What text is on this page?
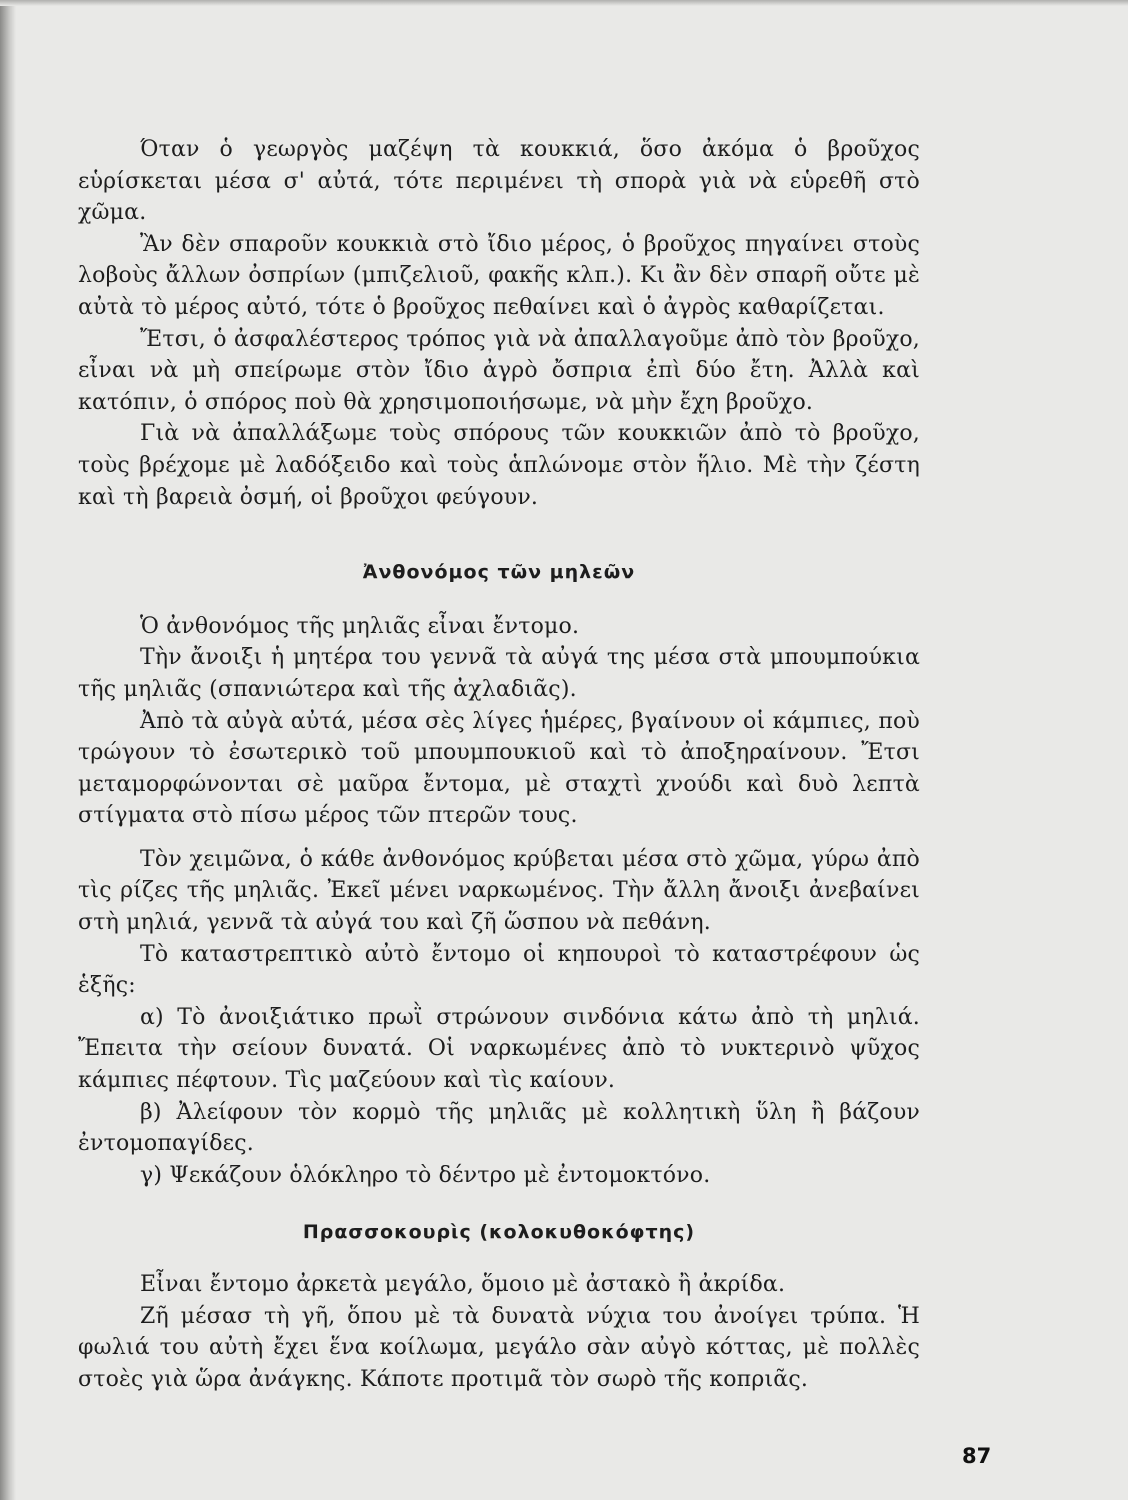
Όταν ὁ γεωργὸς μαζέψη τὰ κουκκιά, ὅσο ἀκόμα ὁ βροῦχος εὑρίσκεται μέσα σ' αὐτά, τότε περιμένει τὴ σπορὰ γιὰ νὰ εὑρεθῆ στὸ χῶμα.

Ἂν δὲν σπαροῦν κουκκιὰ στὸ ἴδιο μέρος, ὁ βροῦχος πηγαίνει στοὺς λοβοὺς ἄλλων ὀσπρίων (μπιζελιοῦ, φακῆς κλπ.). Κι ἂν δὲν σπαρῆ οὔτε μὲ αὐτὰ τὸ μέρος αὐτό, τότε ὁ βροῦχος πεθαίνει καὶ ὁ ἀγρὸς καθαρίζεται.

Ἔτσι, ὁ ἀσφαλέστερος τρόπος γιὰ νὰ ἀπαλλαγοῦμε ἀπὸ τὸν βροῦχο, εἶναι νὰ μὴ σπείρωμε στὸν ἴδιο ἀγρὸ ὄσπρια ἐπὶ δύο ἔτη. Ἀλλὰ καὶ κατόπιν, ὁ σπόρος ποὺ θὰ χρησιμοποιήσωμε, νὰ μὴν ἔχη βροῦχο.

Γιὰ νὰ ἀπαλλάξωμε τοὺς σπόρους τῶν κουκκιῶν ἀπὸ τὸ βροῦχο, τοὺς βρέχομε μὲ λαδόξειδο καὶ τοὺς ἁπλώνομε στὸν ἥλιο. Μὲ τὴν ζέστη καὶ τὴ βαρειὰ ὀσμή, οἱ βροῦχοι φεύγουν.

Ἀνθονόμος τῶν μηλεῶν

Ὁ ἀνθονόμος τῆς μηλιᾶς εἶναι ἔντομο.

Τὴν ἄνοιξι ἡ μητέρα του γεννᾶ τὰ αὐγά της μέσα στὰ μπουμπούκια τῆς μηλιᾶς (σπανιώτερα καὶ τῆς ἀχλαδιᾶς).

Ἀπὸ τὰ αὐγὰ αὐτά, μέσα σὲς λίγες ἡμέρες, βγαίνουν οἱ κάμπιες, ποὺ τρώγουν τὸ ἐσωτερικὸ τοῦ μπουμπουκιοῦ καὶ τὸ ἀποξηραίνουν. Ἔτσι μεταμορφώνονται σὲ μαῦρα ἔντομα, μὲ σταχτὶ χνούδι καὶ δυὸ λεπτὰ στίγματα στὸ πίσω μέρος τῶν πτερῶν τους.

Τὸν χειμῶνα, ὁ κάθε ἀνθονόμος κρύβεται μέσα στὸ χῶμα, γύρω ἀπὸ τὶς ρίζες τῆς μηλιᾶς. Ἐκεῖ μένει ναρκωμένος. Τὴν ἄλλη ἄνοιξι ἀνεβαίνει στὴ μηλιά, γεννᾶ τὰ αὐγά του καὶ ζῆ ὥσπου νὰ πεθάνη.

Τὸ καταστρεπτικὸ αὐτὸ ἔντομο οἱ κηπουροὶ τὸ καταστρέφουν ὡς ἑξῆς:

α) Τὸ ἀνοιξιάτικο πρωῒ στρώνουν σινδόνια κάτω ἀπὸ τὴ μηλιά. Ἔπειτα τὴν σείουν δυνατά. Οἱ ναρκωμένες ἀπὸ τὸ νυκτερινὸ ψῦχος κάμπιες πέφτουν. Τὶς μαζεύουν καὶ τὶς καίουν.

β) Ἀλείφουν τὸν κορμὸ τῆς μηλιᾶς μὲ κολλητικὴ ὕλη ἢ βάζουν ἐντομοπαγίδες.

γ) Ψεκάζουν ὁλόκληρο τὸ δέντρο μὲ ἐντομοκτόνο.

Πρασσοκουρὶς (κολοκυθοκόφτης)

Εἶναι ἔντομο ἀρκετὰ μεγάλο, ὅμοιο μὲ ἀστακὸ ἢ ἀκρίδα.

Ζῆ μέσασ τὴ γῆ, ὅπου μὲ τὰ δυνατὰ νύχια του ἀνοίγει τρύπα. Ἡ φωλιά του αὐτὴ ἔχει ἕνα κοίλωμα, μεγάλο σὰν αὐγὸ κόττας, μὲ πολλὲς στοὲς γιὰ ὥρα ἀνάγκης. Κάποτε προτιμᾶ τὸν σωρὸ τῆς κοπριᾶς.

87
